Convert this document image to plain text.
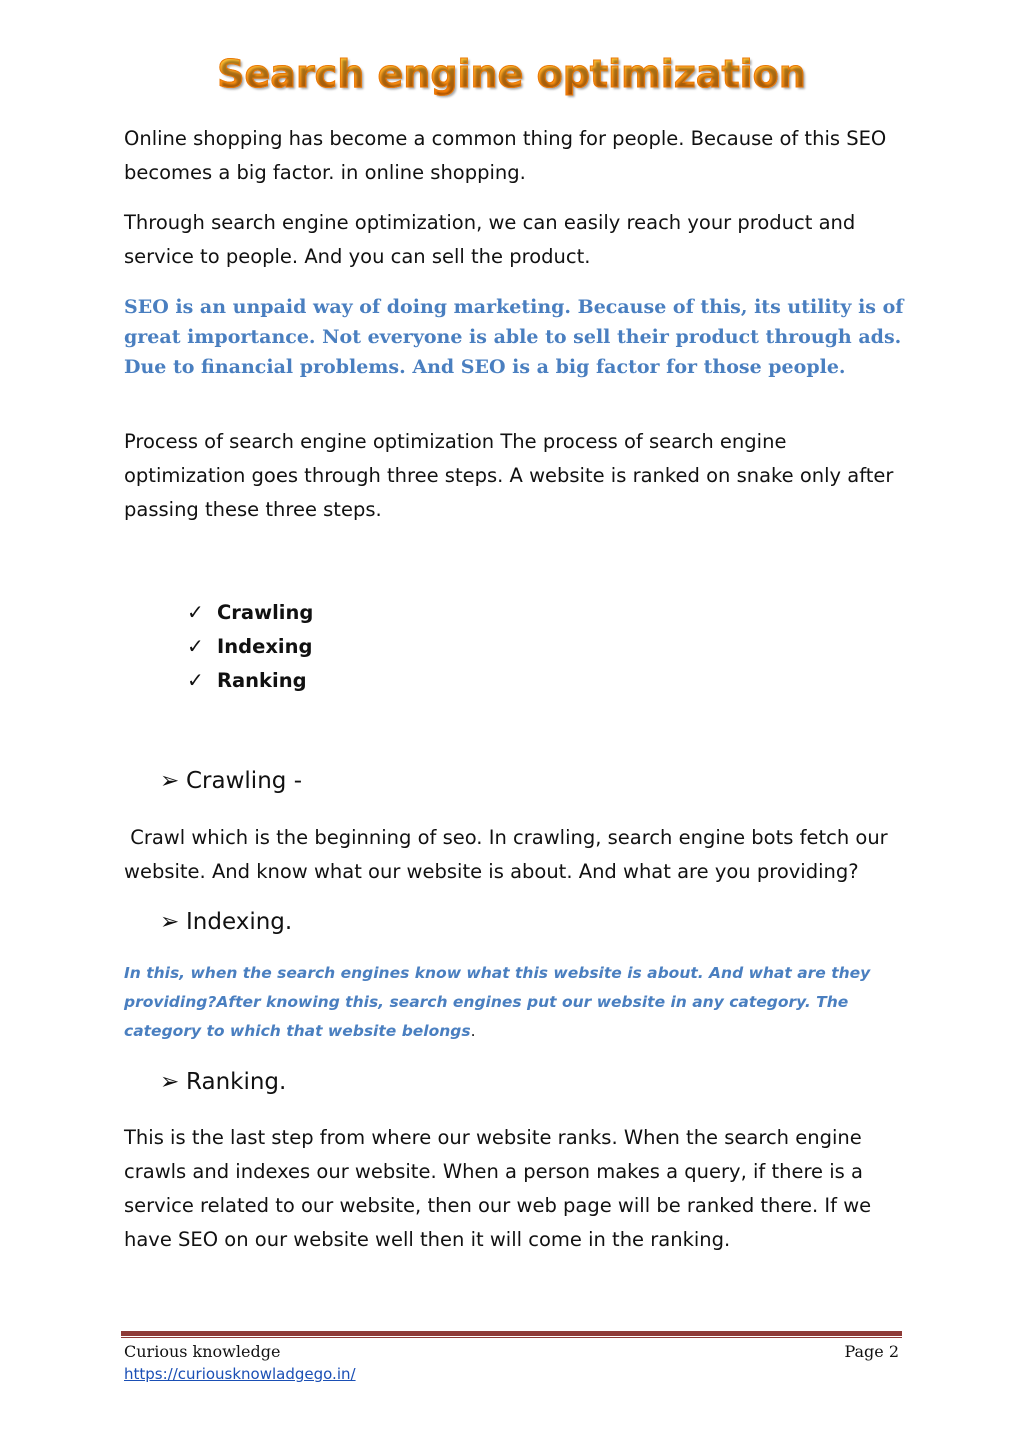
Search engine optimization
Online shopping has become a common thing for people. Because of this SEO becomes a big factor. in online shopping.
Through search engine optimization, we can easily reach your product and service to people. And you can sell the product.
SEO is an unpaid way of doing marketing. Because of this, its utility is of great importance. Not everyone is able to sell their product through ads. Due to financial problems. And SEO is a big factor for those people.
Process of search engine optimization The process of search engine optimization goes through three steps. A website is ranked on snake only after passing these three steps.
✓ Crawling
✓ Indexing
✓ Ranking
➢ Crawling -
Crawl which is the beginning of seo. In crawling, search engine bots fetch our website. And know what our website is about. And what are you providing?
➢ Indexing.
In this, when the search engines know what this website is about. And what are they providing?After knowing this, search engines put our website in any category. The category to which that website belongs.
➢ Ranking.
This is the last step from where our website ranks. When the search engine crawls and indexes our website. When a person makes a query, if there is a service related to our website, then our web page will be ranked there. If we have SEO on our website well then it will come in the ranking.
Curious knowledge
https://curiousknowladgego.in/
Page 2
